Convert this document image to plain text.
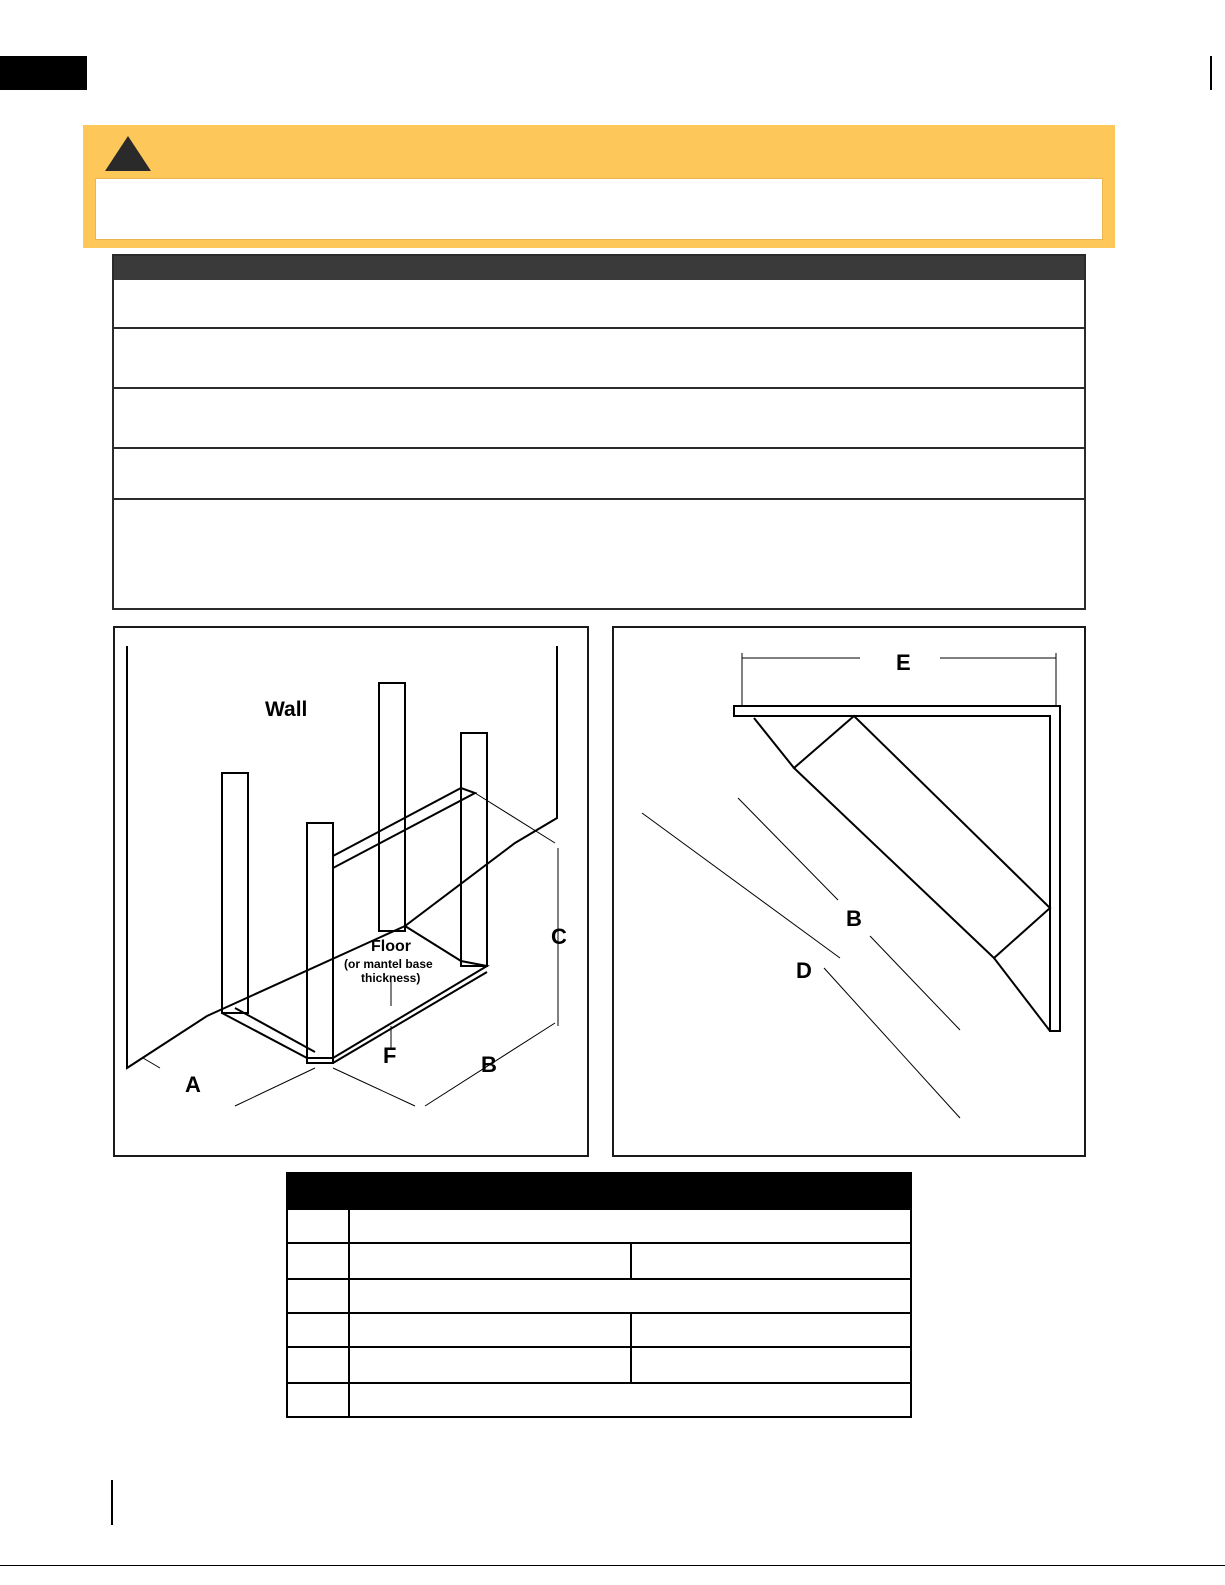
Wall
Floor
(or mantel base
thickness)
A
B
C
F
E
B
D
